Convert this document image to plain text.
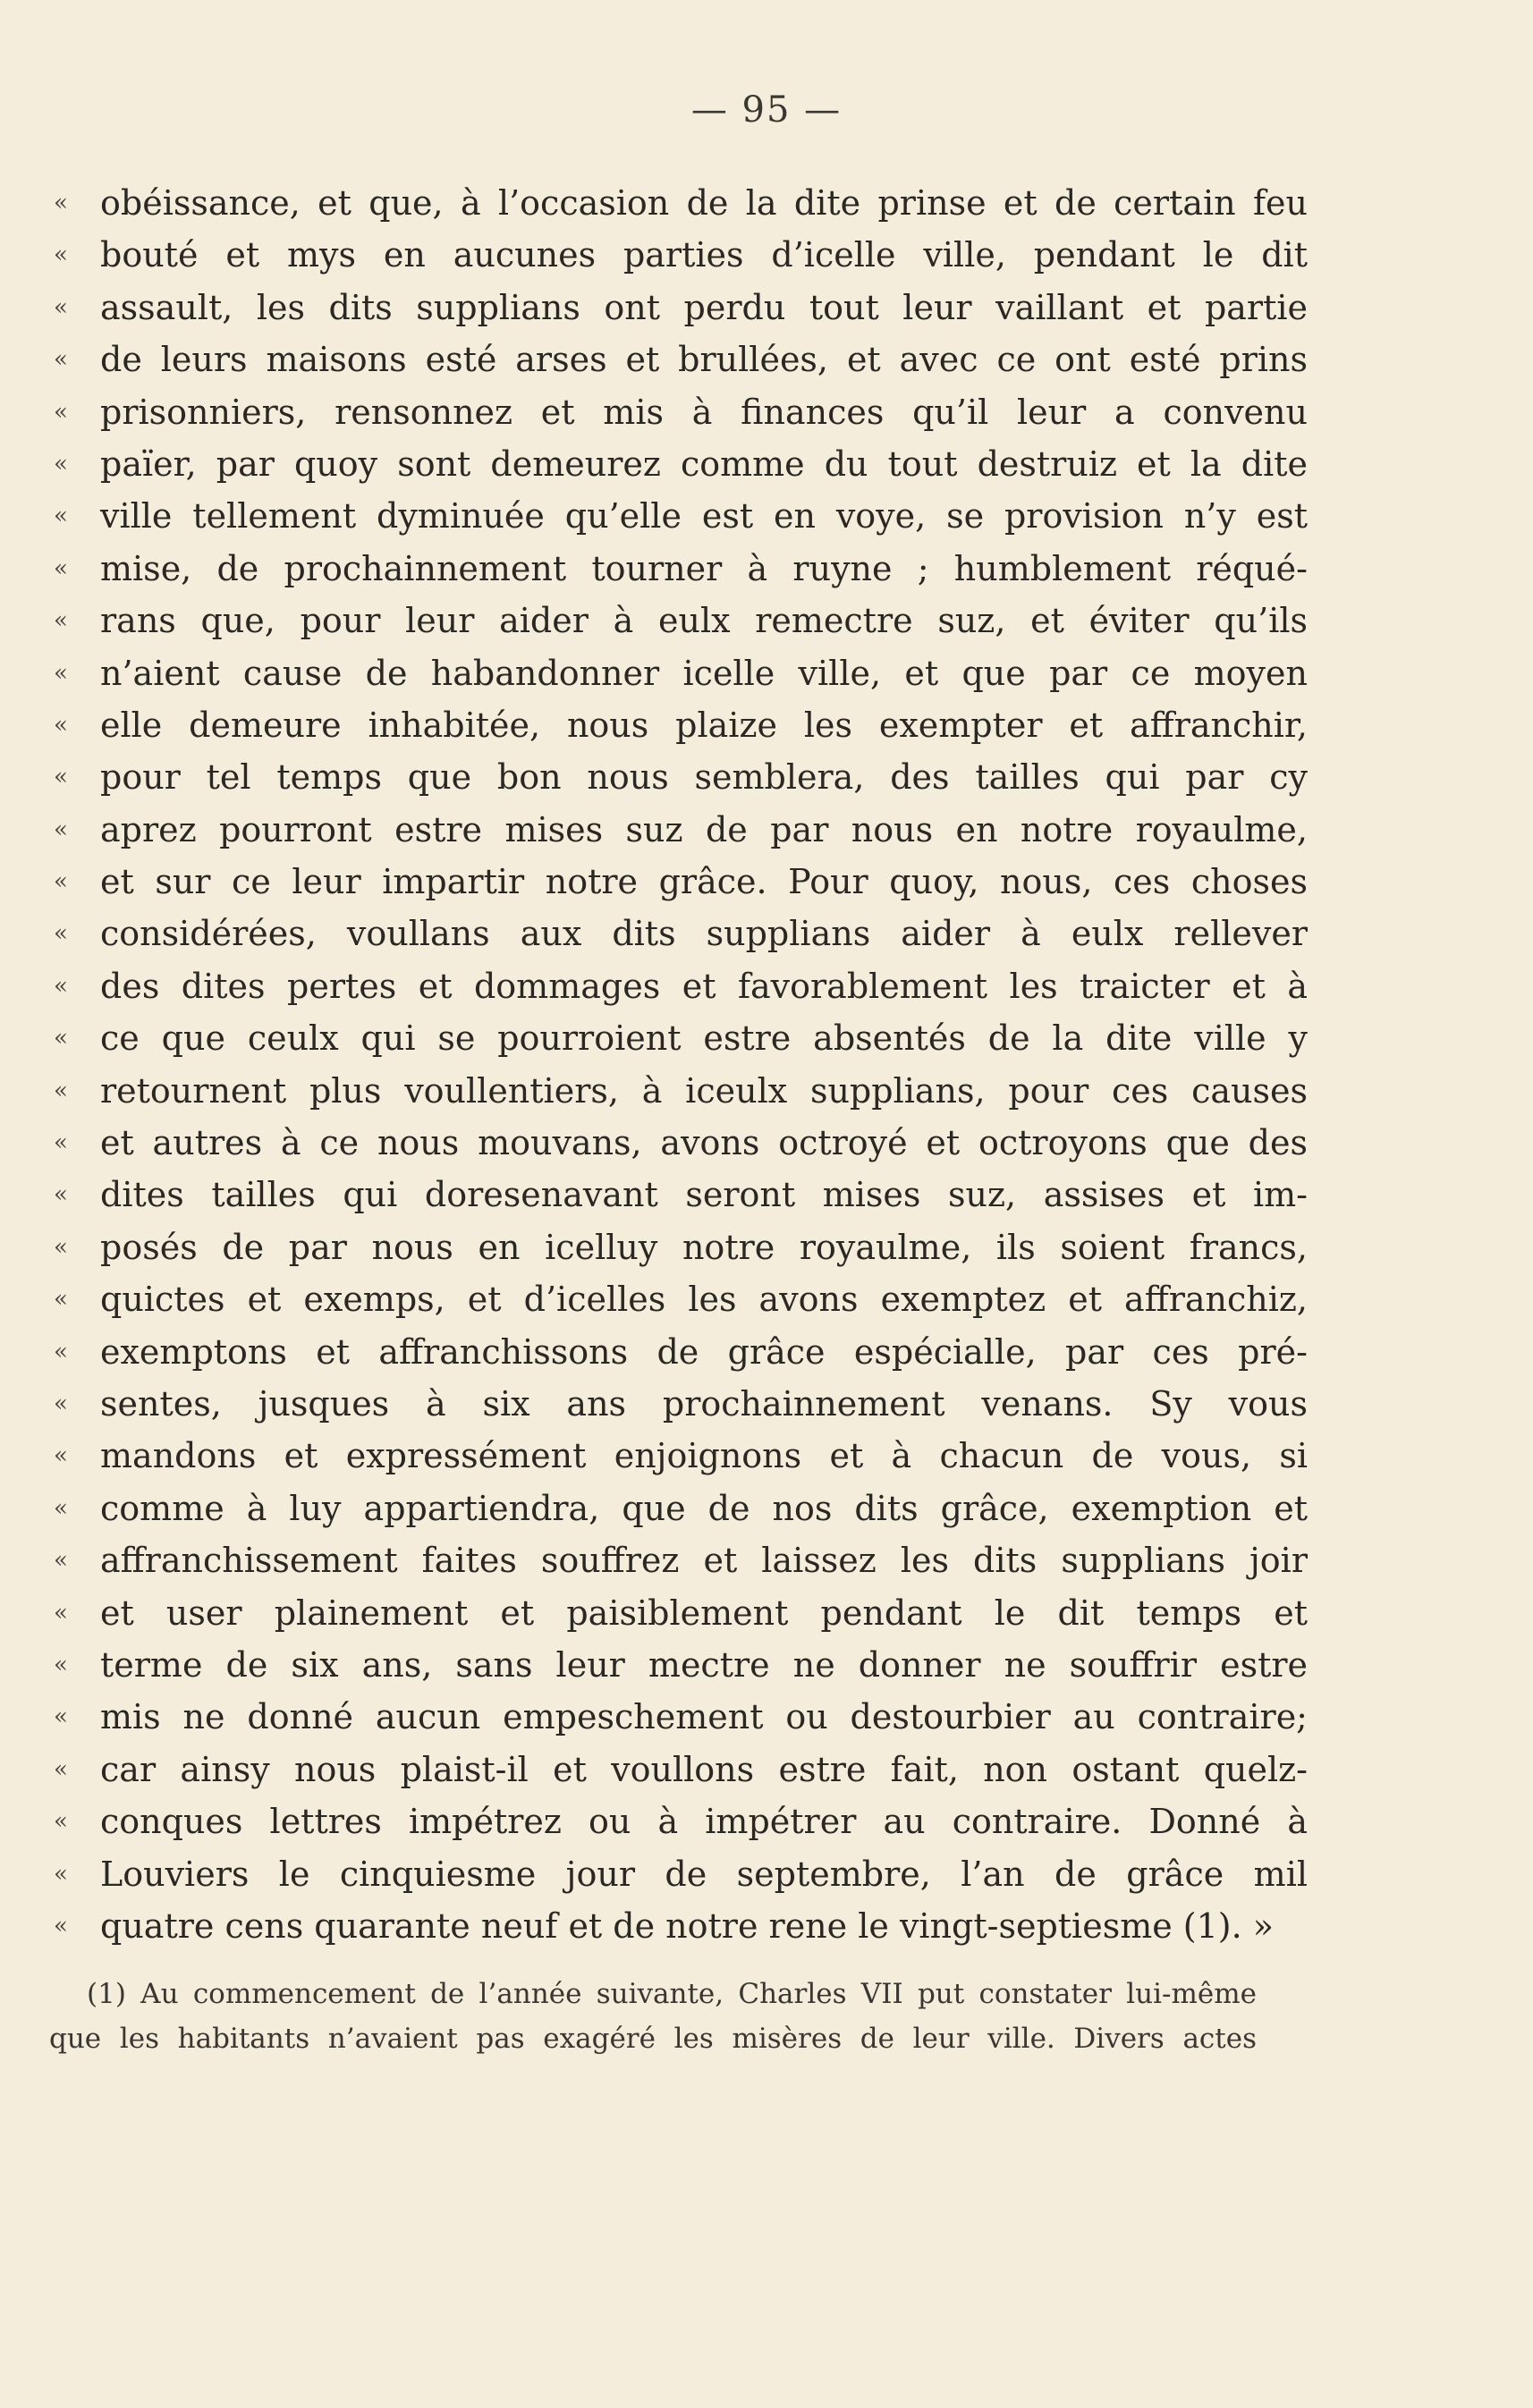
— 95 —
« obéissance, et que, à l’occasion de la dite prinse et de certain feu
« bouté et mys en aucunes parties d’icelle ville, pendant le dit
« assault, les dits supplians ont perdu tout leur vaillant et partie
« de leurs maisons esté arses et brullées, et avec ce ont esté prins
« prisonniers, rensonnez et mis à finances qu’il leur a convenu
« païer, par quoy sont demeurez comme du tout destruiz et la dite
« ville tellement dyminuée qu’elle est en voye, se provision n’y est
« mise, de prochainnement tourner à ruyne ; humblement réqué-
« rans que, pour leur aider à eulx remectre suz, et éviter qu’ils
« n’aient cause de habandonner icelle ville, et que par ce moyen
« elle demeure inhabitée, nous plaize les exempter et affranchir,
« pour tel temps que bon nous semblera, des tailles qui par cy
« aprez pourront estre mises suz de par nous en notre royaulme,
« et sur ce leur impartir notre grâce. Pour quoy, nous, ces choses
« considérées, voullans aux dits supplians aider à eulx rellever
« des dites pertes et dommages et favorablement les traicter et à
« ce que ceulx qui se pourroient estre absentés de la dite ville y
« retournent plus voullentiers, à iceulx supplians, pour ces causes
« et autres à ce nous mouvans, avons octroyé et octroyons que des
« dites tailles qui doresenavant seront mises suz, assises et im-
« posés de par nous en icelluy notre royaulme, ils soient francs,
« quictes et exemps, et d’icelles les avons exemptez et affranchiz,
« exemptons et affranchissons de grâce espécialle, par ces pré-
« sentes, jusques à six ans prochainnement venans. Sy vous
« mandons et expressément enjoignons et à chacun de vous, si
« comme à luy appartiendra, que de nos dits grâce, exemption et
« affranchissement faites souffrez et laissez les dits supplians joir
« et user plainement et paisiblement pendant le dit temps et
« terme de six ans, sans leur mectre ne donner ne souffrir estre
« mis ne donné aucun empeschement ou destourbier au contraire;
« car ainsy nous plaist-il et voullons estre fait, non ostant quelz-
« conques lettres impétrez ou à impétrer au contraire. Donné à
« Louviers le cinquiesme jour de septembre, l’an de grâce mil
« quatre cens quarante neuf et de notre rene le vingt-septiesme (1). »
(1) Au commencement de l’année suivante, Charles VII put constater lui-même
que les habitants n’avaient pas exagéré les misères de leur ville. Divers actes
